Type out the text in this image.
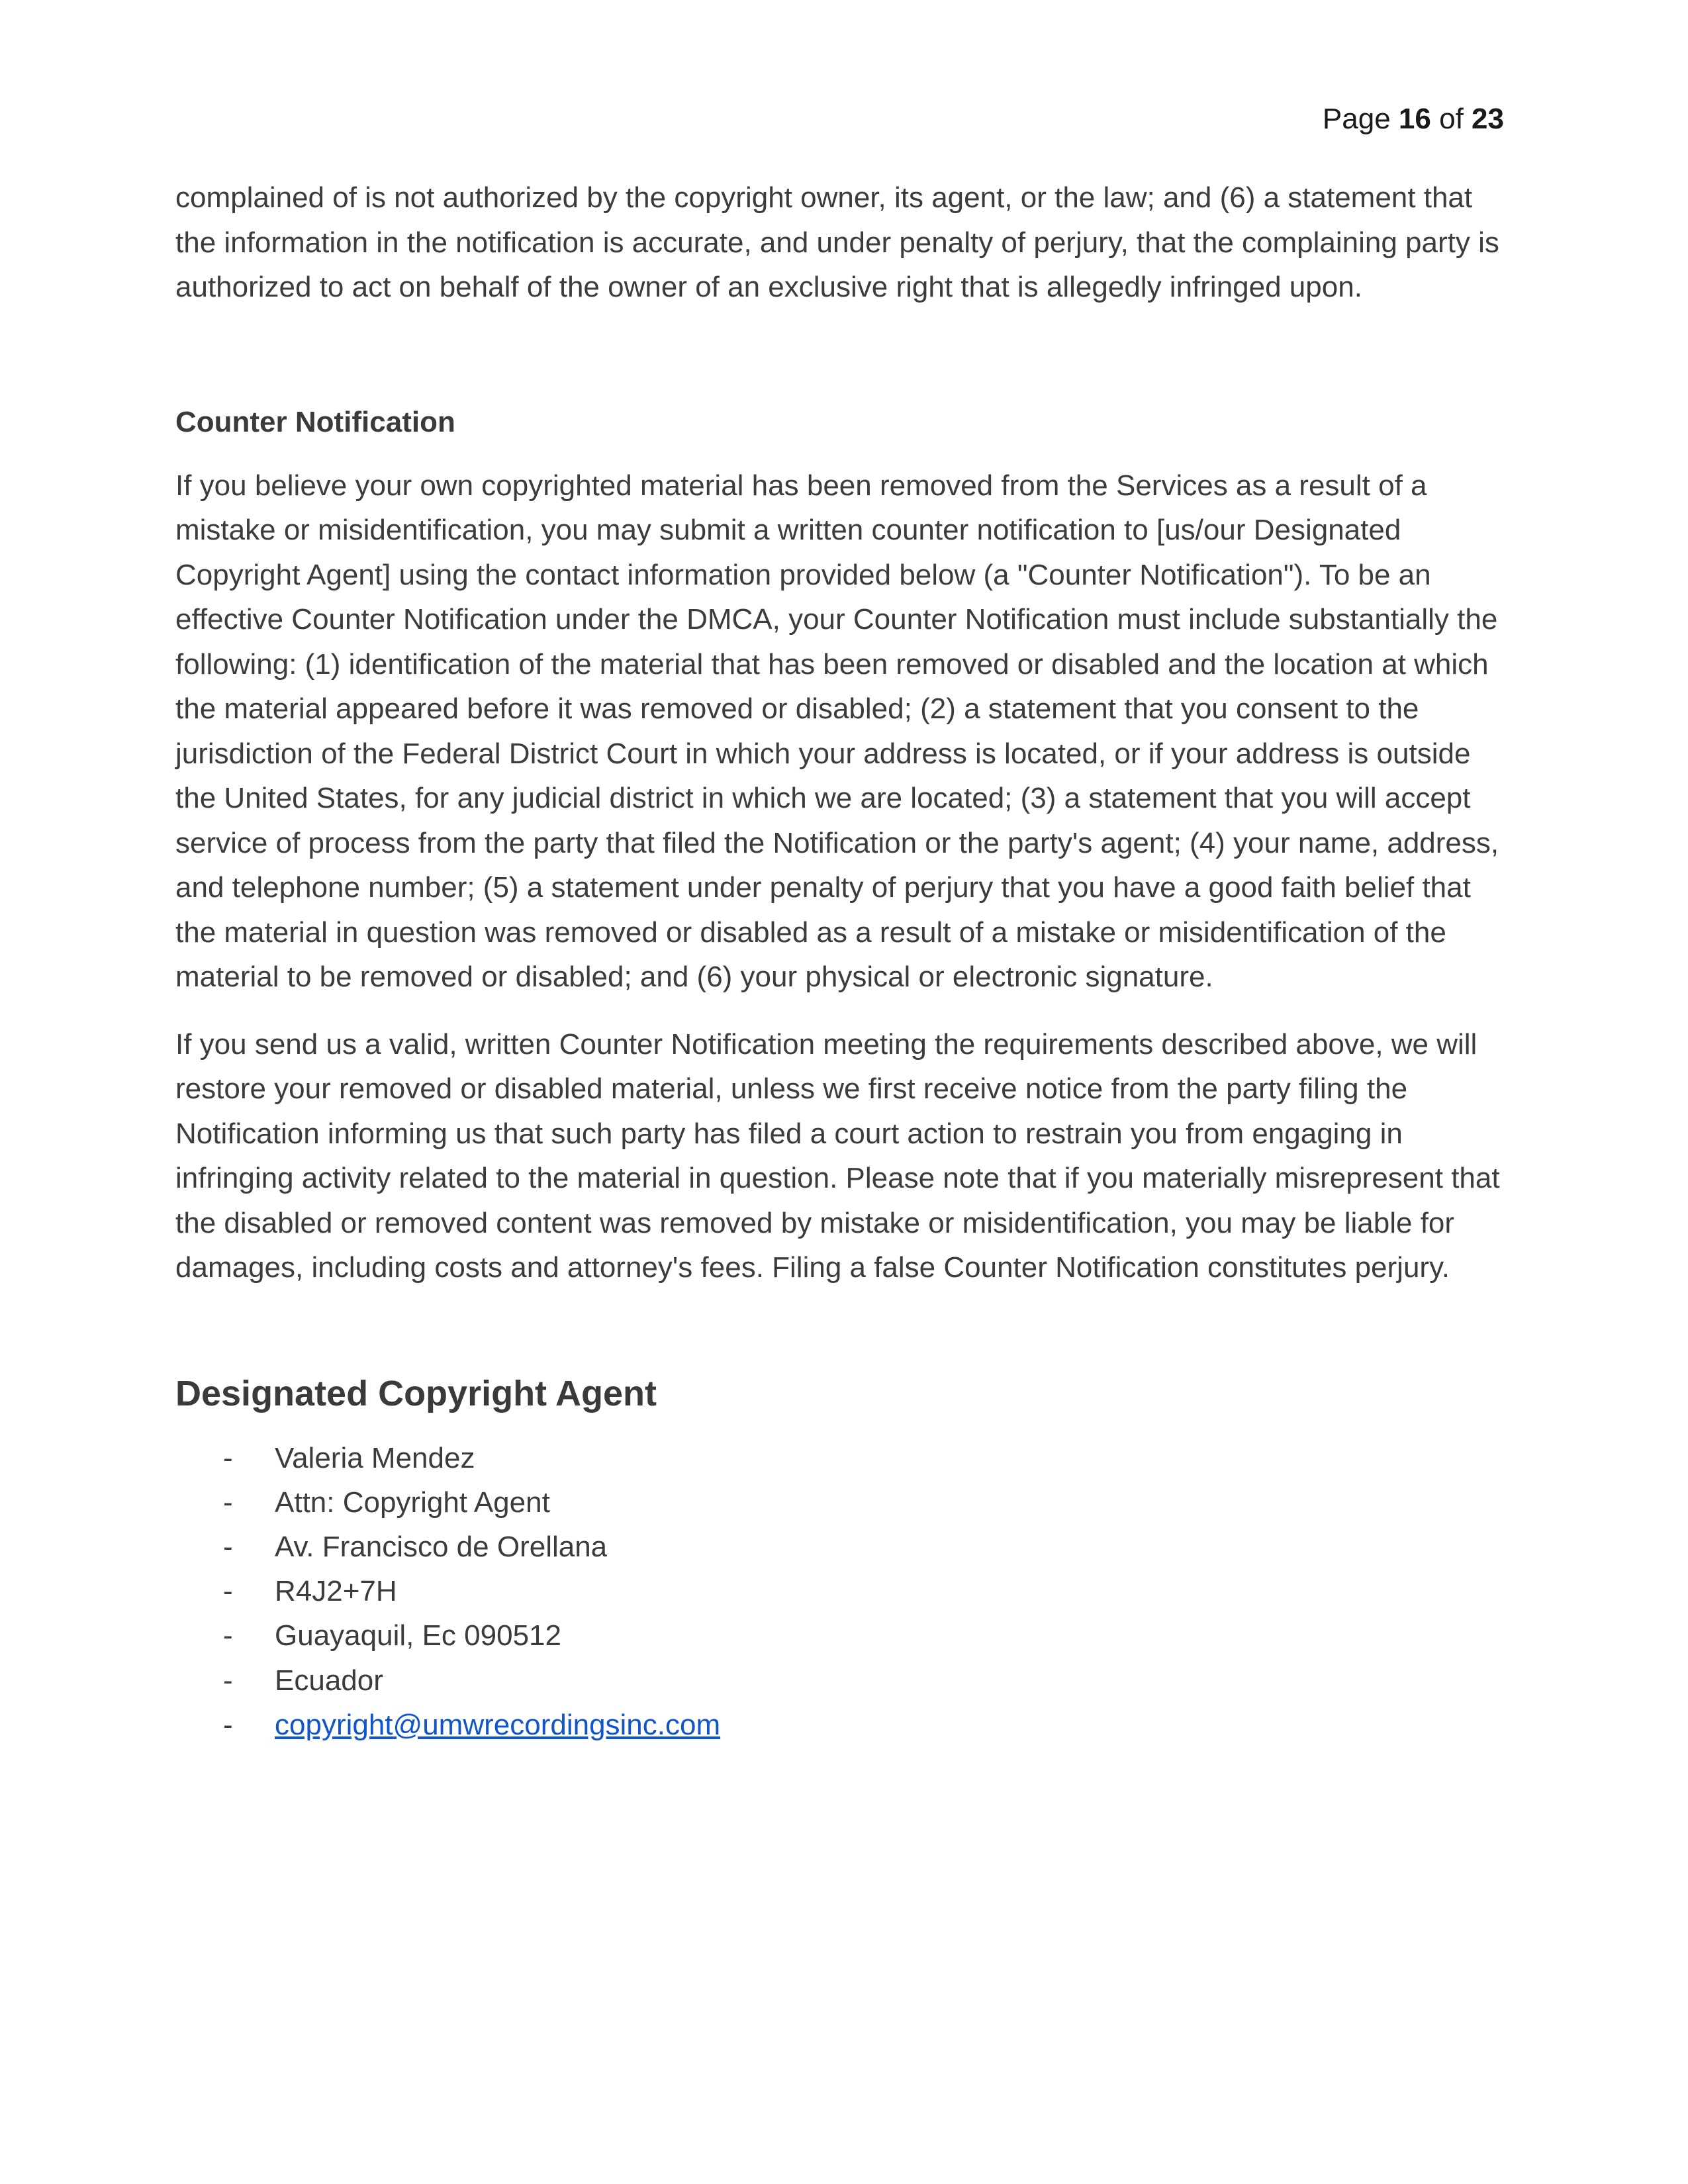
Page 16 of 23

complained of is not authorized by the copyright owner, its agent, or the law; and (6) a statement that the information in the notification is accurate, and under penalty of perjury, that the complaining party is authorized to act on behalf of the owner of an exclusive right that is allegedly infringed upon.

Counter Notification

If you believe your own copyrighted material has been removed from the Services as a result of a mistake or misidentification, you may submit a written counter notification to [us/our Designated Copyright Agent] using the contact information provided below (a "Counter Notification"). To be an effective Counter Notification under the DMCA, your Counter Notification must include substantially the following: (1) identification of the material that has been removed or disabled and the location at which the material appeared before it was removed or disabled; (2) a statement that you consent to the jurisdiction of the Federal District Court in which your address is located, or if your address is outside the United States, for any judicial district in which we are located; (3) a statement that you will accept service of process from the party that filed the Notification or the party's agent; (4) your name, address, and telephone number; (5) a statement under penalty of perjury that you have a good faith belief that the material in question was removed or disabled as a result of a mistake or misidentification of the material to be removed or disabled; and (6) your physical or electronic signature.

If you send us a valid, written Counter Notification meeting the requirements described above, we will restore your removed or disabled material, unless we first receive notice from the party filing the Notification informing us that such party has filed a court action to restrain you from engaging in infringing activity related to the material in question. Please note that if you materially misrepresent that the disabled or removed content was removed by mistake or misidentification, you may be liable for damages, including costs and attorney's fees. Filing a false Counter Notification constitutes perjury.

Designated Copyright Agent
- Valeria Mendez
- Attn: Copyright Agent
- Av. Francisco de Orellana
- R4J2+7H
- Guayaquil, Ec 090512
- Ecuador
- copyright@umwrecordingsinc.com
